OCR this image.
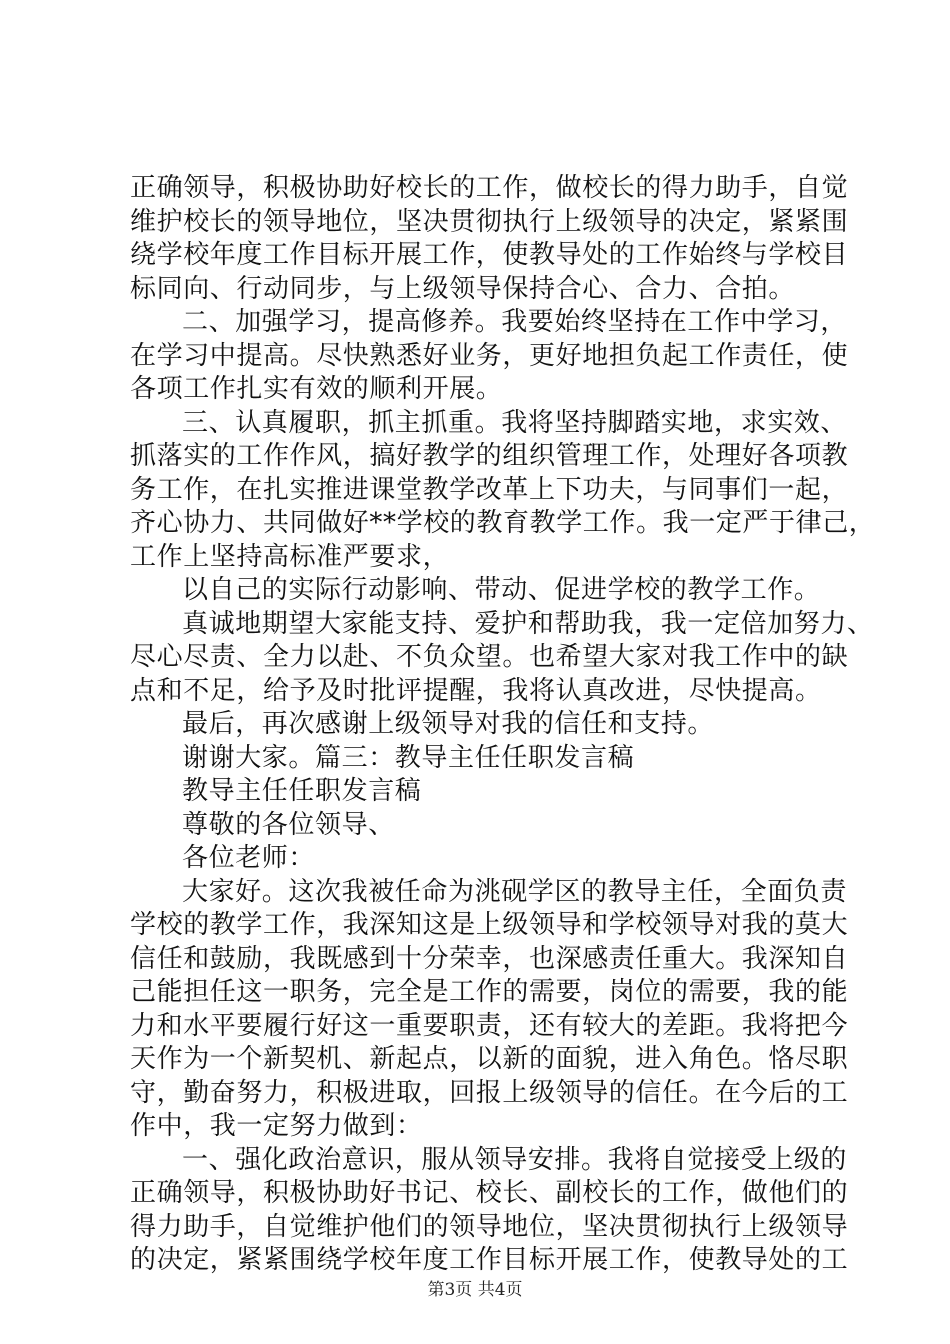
正确领导，积极协助好校长的工作，做校长的得力助手，自觉
维护校长的领导地位，坚决贯彻执行上级领导的决定，紧紧围
绕学校年度工作目标开展工作，使教导处的工作始终与学校目
标同向、行动同步，与上级领导保持合心、合力、合拍。
二、加强学习，提高修养。我要始终坚持在工作中学习，
在学习中提高。尽快熟悉好业务，更好地担负起工作责任，使
各项工作扎实有效的顺利开展。
三、认真履职，抓主抓重。我将坚持脚踏实地，求实效、
抓落实的工作作风，搞好教学的组织管理工作，处理好各项教
务工作，在扎实推进课堂教学改革上下功夫，与同事们一起，
齐心协力、共同做好**学校的教育教学工作。我一定严于律己，
工作上坚持高标准严要求，
以自己的实际行动影响、带动、促进学校的教学工作。
真诚地期望大家能支持、爱护和帮助我，我一定倍加努力、
尽心尽责、全力以赴、不负众望。也希望大家对我工作中的缺
点和不足，给予及时批评提醒，我将认真改进，尽快提高。
最后，再次感谢上级领导对我的信任和支持。
谢谢大家。篇三：教导主任任职发言稿
教导主任任职发言稿
尊敬的各位领导、
各位老师：
大家好。这次我被任命为洮砚学区的教导主任，全面负责
学校的教学工作，我深知这是上级领导和学校领导对我的莫大
信任和鼓励，我既感到十分荣幸，也深感责任重大。我深知自
己能担任这一职务，完全是工作的需要，岗位的需要，我的能
力和水平要履行好这一重要职责，还有较大的差距。我将把今
天作为一个新契机、新起点，以新的面貌，进入角色。恪尽职
守，勤奋努力，积极进取，回报上级领导的信任。在今后的工
作中，我一定努力做到：
一、强化政治意识，服从领导安排。我将自觉接受上级的
正确领导，积极协助好书记、校长、副校长的工作，做他们的
得力助手，自觉维护他们的领导地位，坚决贯彻执行上级领导
的决定，紧紧围绕学校年度工作目标开展工作，使教导处的工
第3页 共4页
